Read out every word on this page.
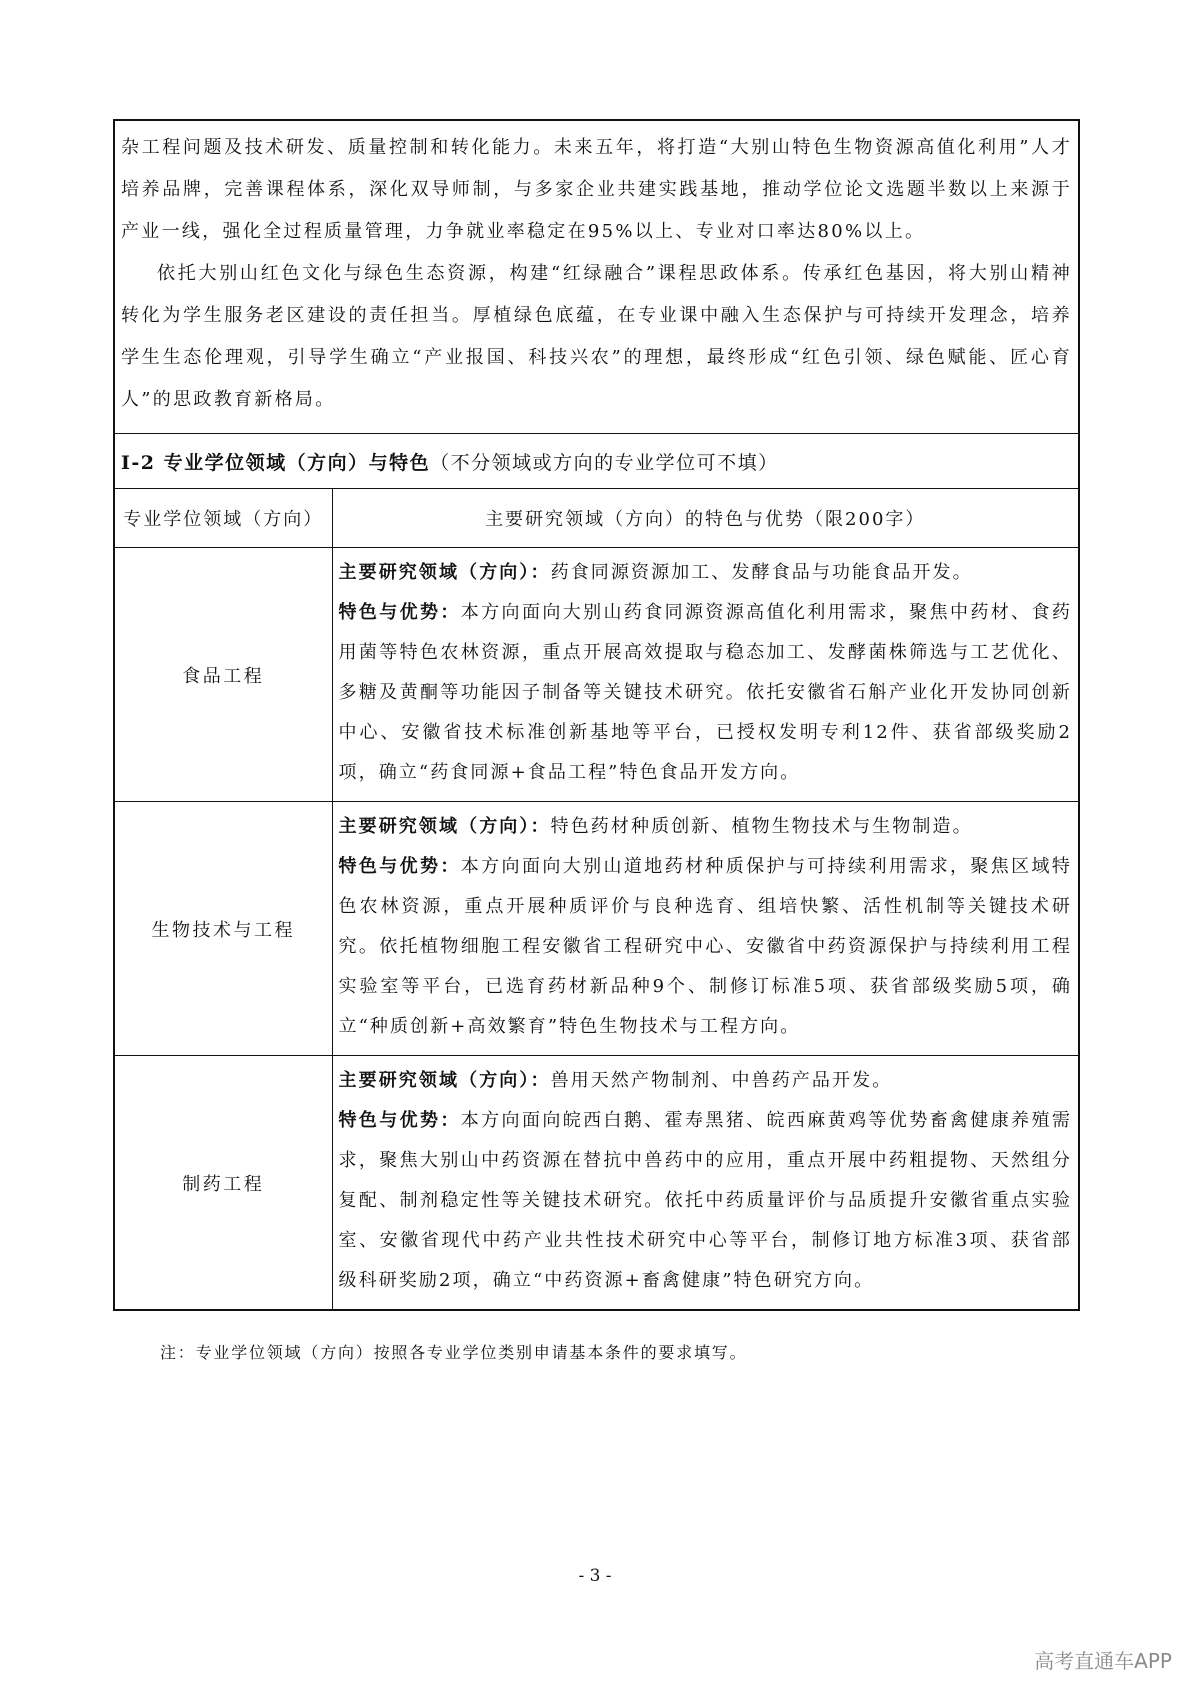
杂工程问题及技术研发、质量控制和转化能力。未来五年，将打造“大别山特色生物资源高值化利用”人才培养品牌，完善课程体系，深化双导师制，与多家企业共建实践基地，推动学位论文选题半数以上来源于产业一线，强化全过程质量管理，力争就业率稳定在95%以上、专业对口率达80%以上。

依托大别山红色文化与绿色生态资源，构建“红绿融合”课程思政体系。传承红色基因，将大别山精神转化为学生服务老区建设的责任担当。厚植绿色底蕴，在专业课中融入生态保护与可持续开发理念，培养学生生态伦理观，引导学生确立“产业报国、科技兴农”的理想，最终形成“红色引领、绿色赋能、匠心育人”的思政教育新格局。	

I-2 专业学位领域（方向）与特色（不分领域或方向的专业学位可不填）	
专业学位领域（方向）	主要研究领域（方向）的特色与优势（限200字）
食品工程	主要研究领域（方向）：药食同源资源加工、发酵食品与功能食品开发。

特色与优势：本方向面向大别山药食同源资源高值化利用需求，聚焦中药材、食药用菌等特色农林资源，重点开展高效提取与稳态加工、发酵菌株筛选与工艺优化、多糖及黄酮等功能因子制备等关键技术研究。依托安徽省石斛产业化开发协同创新中心、安徽省技术标准创新基地等平台，已授权发明专利12件、获省部级奖励2项，确立“药食同源+食品工程”特色食品开发方向。

生物技术与工程	主要研究领域（方向）：特色药材种质创新、植物生物技术与生物制造。

特色与优势：本方向面向大别山道地药材种质保护与可持续利用需求，聚焦区域特色农林资源，重点开展种质评价与良种选育、组培快繁、活性机制等关键技术研究。依托植物细胞工程安徽省工程研究中心、安徽省中药资源保护与持续利用工程实验室等平台，已选育药材新品种9个、制修订标准5项、获省部级奖励5项，确立“种质创新+高效繁育”特色生物技术与工程方向。

制药工程	主要研究领域（方向）：兽用天然产物制剂、中兽药产品开发。

特色与优势：本方向面向皖西白鹅、霍寿黑猪、皖西麻黄鸡等优势畜禽健康养殖需求，聚焦大别山中药资源在替抗中兽药中的应用，重点开展中药粗提物、天然组分复配、制剂稳定性等关键技术研究。依托中药质量评价与品质提升安徽省重点实验室、安徽省现代中药产业共性技术研究中心等平台，制修订地方标准3项、获省部级科研奖励2项，确立“中药资源+畜禽健康”特色研究方向。

注：专业学位领域（方向）按照各专业学位类别申请基本条件的要求填写。
- 3 -
高考直通车APP
